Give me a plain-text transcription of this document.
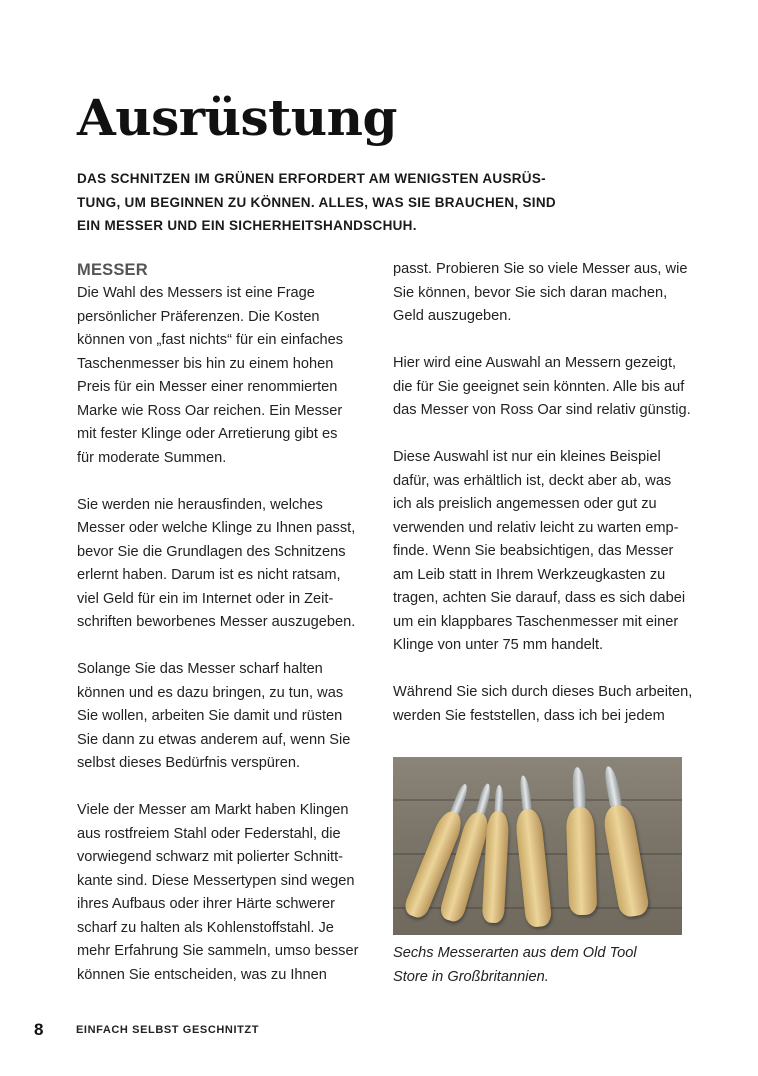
Ausrüstung

DAS SCHNITZEN IM GRÜNEN ERFORDERT AM WENIGSTEN AUSRÜS-
TUNG, UM BEGINNEN ZU KÖNNEN. ALLES, WAS SIE BRAUCHEN, SIND
EIN MESSER UND EIN SICHERHEITSHANDSCHUH.

MESSER

Die Wahl des Messers ist eine Frage
persönlicher Präferenzen. Die Kosten
können von „fast nichts“ für ein einfaches
Taschenmesser bis hin zu einem hohen
Preis für ein Messer einer renommierten
Marke wie Ross Oar reichen. Ein Messer
mit fester Klinge oder Arretierung gibt es
für moderate Summen.

Sie werden nie herausfinden, welches
Messer oder welche Klinge zu Ihnen passt,
bevor Sie die Grundlagen des Schnitzens
erlernt haben. Darum ist es nicht ratsam,
viel Geld für ein im Internet oder in Zeit-
schriften beworbenes Messer auszugeben.

Solange Sie das Messer scharf halten
können und es dazu bringen, zu tun, was
Sie wollen, arbeiten Sie damit und rüsten
Sie dann zu etwas anderem auf, wenn Sie
selbst dieses Bedürfnis verspüren.

Viele der Messer am Markt haben Klingen
aus rostfreiem Stahl oder Federstahl, die
vorwiegend schwarz mit polierter Schnitt-
kante sind. Diese Messertypen sind wegen
ihres Aufbaus oder ihrer Härte schwerer
scharf zu halten als Kohlenstoffstahl. Je
mehr Erfahrung Sie sammeln, umso besser
können Sie entscheiden, was zu Ihnen

passt. Probieren Sie so viele Messer aus, wie
Sie können, bevor Sie sich daran machen,
Geld auszugeben.

Hier wird eine Auswahl an Messern gezeigt,
die für Sie geeignet sein könnten. Alle bis auf
das Messer von Ross Oar sind relativ günstig.

Diese Auswahl ist nur ein kleines Beispiel
dafür, was erhältlich ist, deckt aber ab, was
ich als preislich angemessen oder gut zu
verwenden und relativ leicht zu warten emp-
finde. Wenn Sie beabsichtigen, das Messer
am Leib statt in Ihrem Werkzeugkasten zu
tragen, achten Sie darauf, dass es sich dabei
um ein klappbares Taschenmesser mit einer
Klinge von unter 75 mm handelt.

Während Sie sich durch dieses Buch arbeiten,
werden Sie feststellen, dass ich bei jedem

Sechs Messerarten aus dem Old Tool
Store in Großbritannien.

8	EINFACH SELBST GESCHNITZT
